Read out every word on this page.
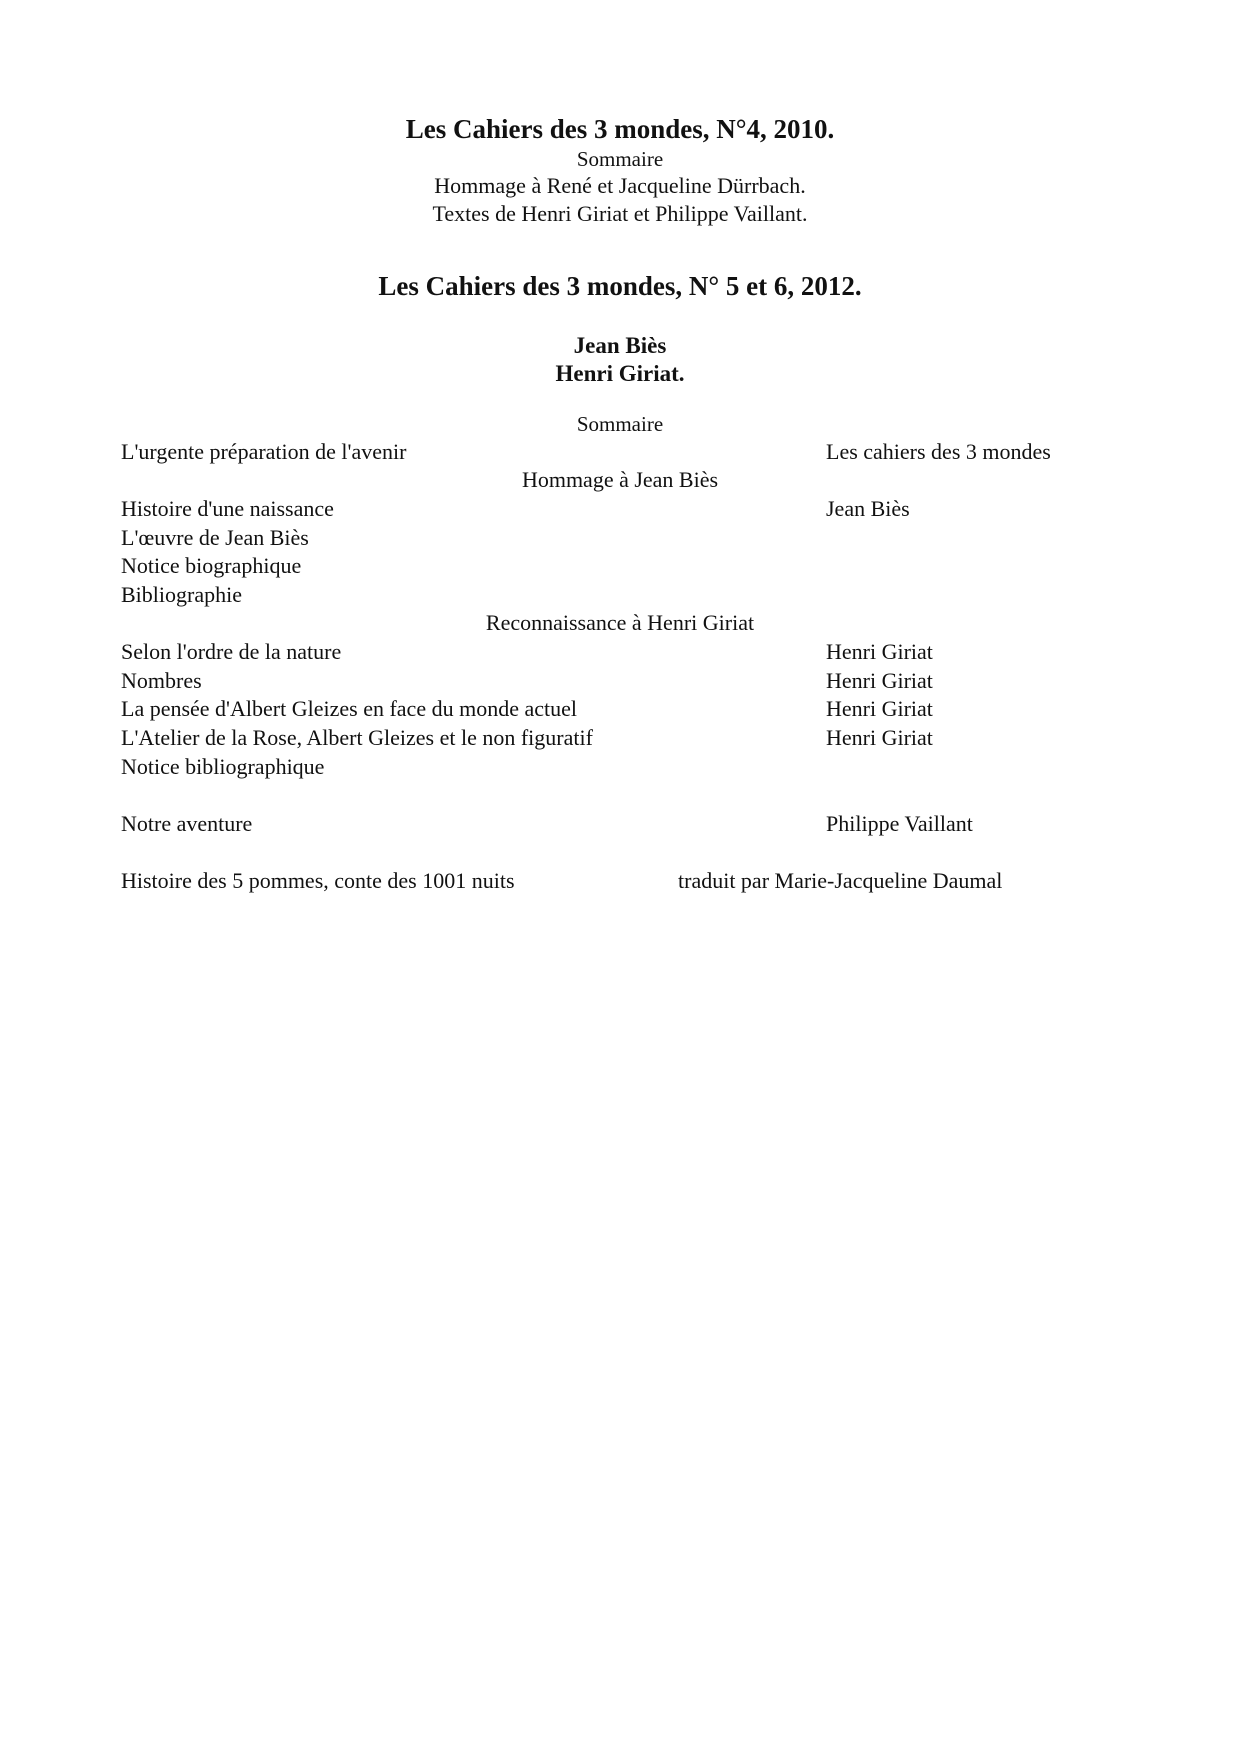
Les Cahiers des 3 mondes, N°4, 2010.
Sommaire
Hommage à René et Jacqueline Dürrbach.
Textes de Henri Giriat et Philippe Vaillant.
Les Cahiers des 3 mondes, N° 5 et 6, 2012.
Jean Biès
Henri Giriat.
Sommaire
L'urgente préparation de l'avenir	Les cahiers des 3 mondes
Hommage à Jean Biès
Histoire d'une naissance	Jean Biès
L'œuvre de Jean Biès
Notice biographique
Bibliographie
Reconnaissance à Henri Giriat
Selon l'ordre de la nature	Henri Giriat
Nombres	Henri Giriat
La pensée d'Albert Gleizes en face du monde actuel	Henri Giriat
L'Atelier de la Rose, Albert Gleizes et le non figuratif	Henri Giriat
Notice bibliographique
Notre aventure	Philippe Vaillant
Histoire des 5 pommes, conte des 1001 nuits	traduit par Marie-Jacqueline Daumal
